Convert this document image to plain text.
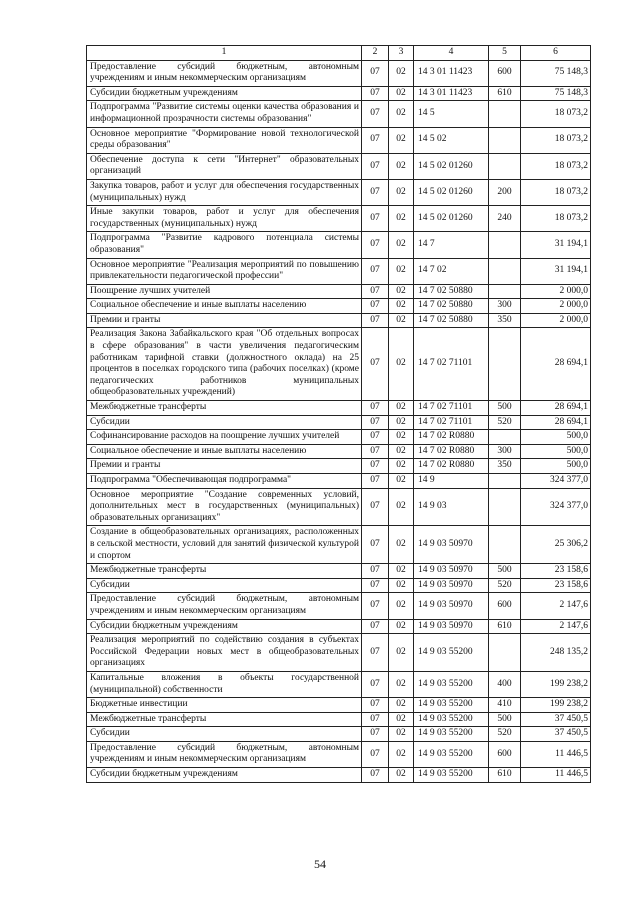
1	2	3	4	5	6
Предоставление субсидий бюджетным, автономным учреждениям и иным некоммерческим организациям	07	02	14 3 01 11423	600	75 148,3
Субсидии бюджетным учреждениям	07	02	14 3 01 11423	610	75 148,3
Подпрограмма "Развитие системы оценки качества образования и информационной прозрачности системы образования"	07	02	14 5		18 073,2
Основное мероприятие "Формирование новой технологической среды образования"	07	02	14 5 02		18 073,2
Обеспечение доступа к сети "Интернет" образовательных организаций	07	02	14 5 02 01260		18 073,2
Закупка товаров, работ и услуг для обеспечения государственных (муниципальных) нужд	07	02	14 5 02 01260	200	18 073,2
Иные закупки товаров, работ и услуг для обеспечения государственных (муниципальных) нужд	07	02	14 5 02 01260	240	18 073,2
Подпрограмма "Развитие кадрового потенциала системы образования"	07	02	14 7		31 194,1
Основное мероприятие "Реализация мероприятий по повышению привлекательности педагогической профессии"	07	02	14 7 02		31 194,1
Поощрение лучших учителей	07	02	14 7 02 50880		2 000,0
Социальное обеспечение и иные выплаты населению	07	02	14 7 02 50880	300	2 000,0
Премии и гранты	07	02	14 7 02 50880	350	2 000,0
Реализация Закона Забайкальского края "Об отдельных вопросах в сфере образования" в части увеличения педагогическим работникам тарифной ставки (должностного оклада) на 25 процентов в поселках городского типа (рабочих поселках) (кроме педагогических работников муниципальных общеобразовательных учреждений)	07	02	14 7 02 71101		28 694,1
Межбюджетные трансферты	07	02	14 7 02 71101	500	28 694,1
Субсидии	07	02	14 7 02 71101	520	28 694,1
Софинансирование расходов на поощрение лучших учителей	07	02	14 7 02 R0880		500,0
Социальное обеспечение и иные выплаты населению	07	02	14 7 02 R0880	300	500,0
Премии и гранты	07	02	14 7 02 R0880	350	500,0
Подпрограмма "Обеспечивающая подпрограмма"	07	02	14 9		324 377,0
Основное мероприятие "Создание современных условий, дополнительных мест в государственных (муниципальных) образовательных организациях"	07	02	14 9 03		324 377,0
Создание в общеобразовательных организациях, расположенных в сельской местности, условий для занятий физической культурой и спортом	07	02	14 9 03 50970		25 306,2
Межбюджетные трансферты	07	02	14 9 03 50970	500	23 158,6
Субсидии	07	02	14 9 03 50970	520	23 158,6
Предоставление субсидий бюджетным, автономным учреждениям и иным некоммерческим организациям	07	02	14 9 03 50970	600	2 147,6
Субсидии бюджетным учреждениям	07	02	14 9 03 50970	610	2 147,6
Реализация мероприятий по содействию создания в субъектах Российской Федерации новых мест в общеобразовательных организациях	07	02	14 9 03 55200		248 135,2
Капитальные вложения в объекты государственной (муниципальной) собственности	07	02	14 9 03 55200	400	199 238,2
Бюджетные инвестиции	07	02	14 9 03 55200	410	199 238,2
Межбюджетные трансферты	07	02	14 9 03 55200	500	37 450,5
Субсидии	07	02	14 9 03 55200	520	37 450,5
Предоставление субсидий бюджетным, автономным учреждениям и иным некоммерческим организациям	07	02	14 9 03 55200	600	11 446,5
Субсидии бюджетным учреждениям	07	02	14 9 03 55200	610	11 446,5
54
